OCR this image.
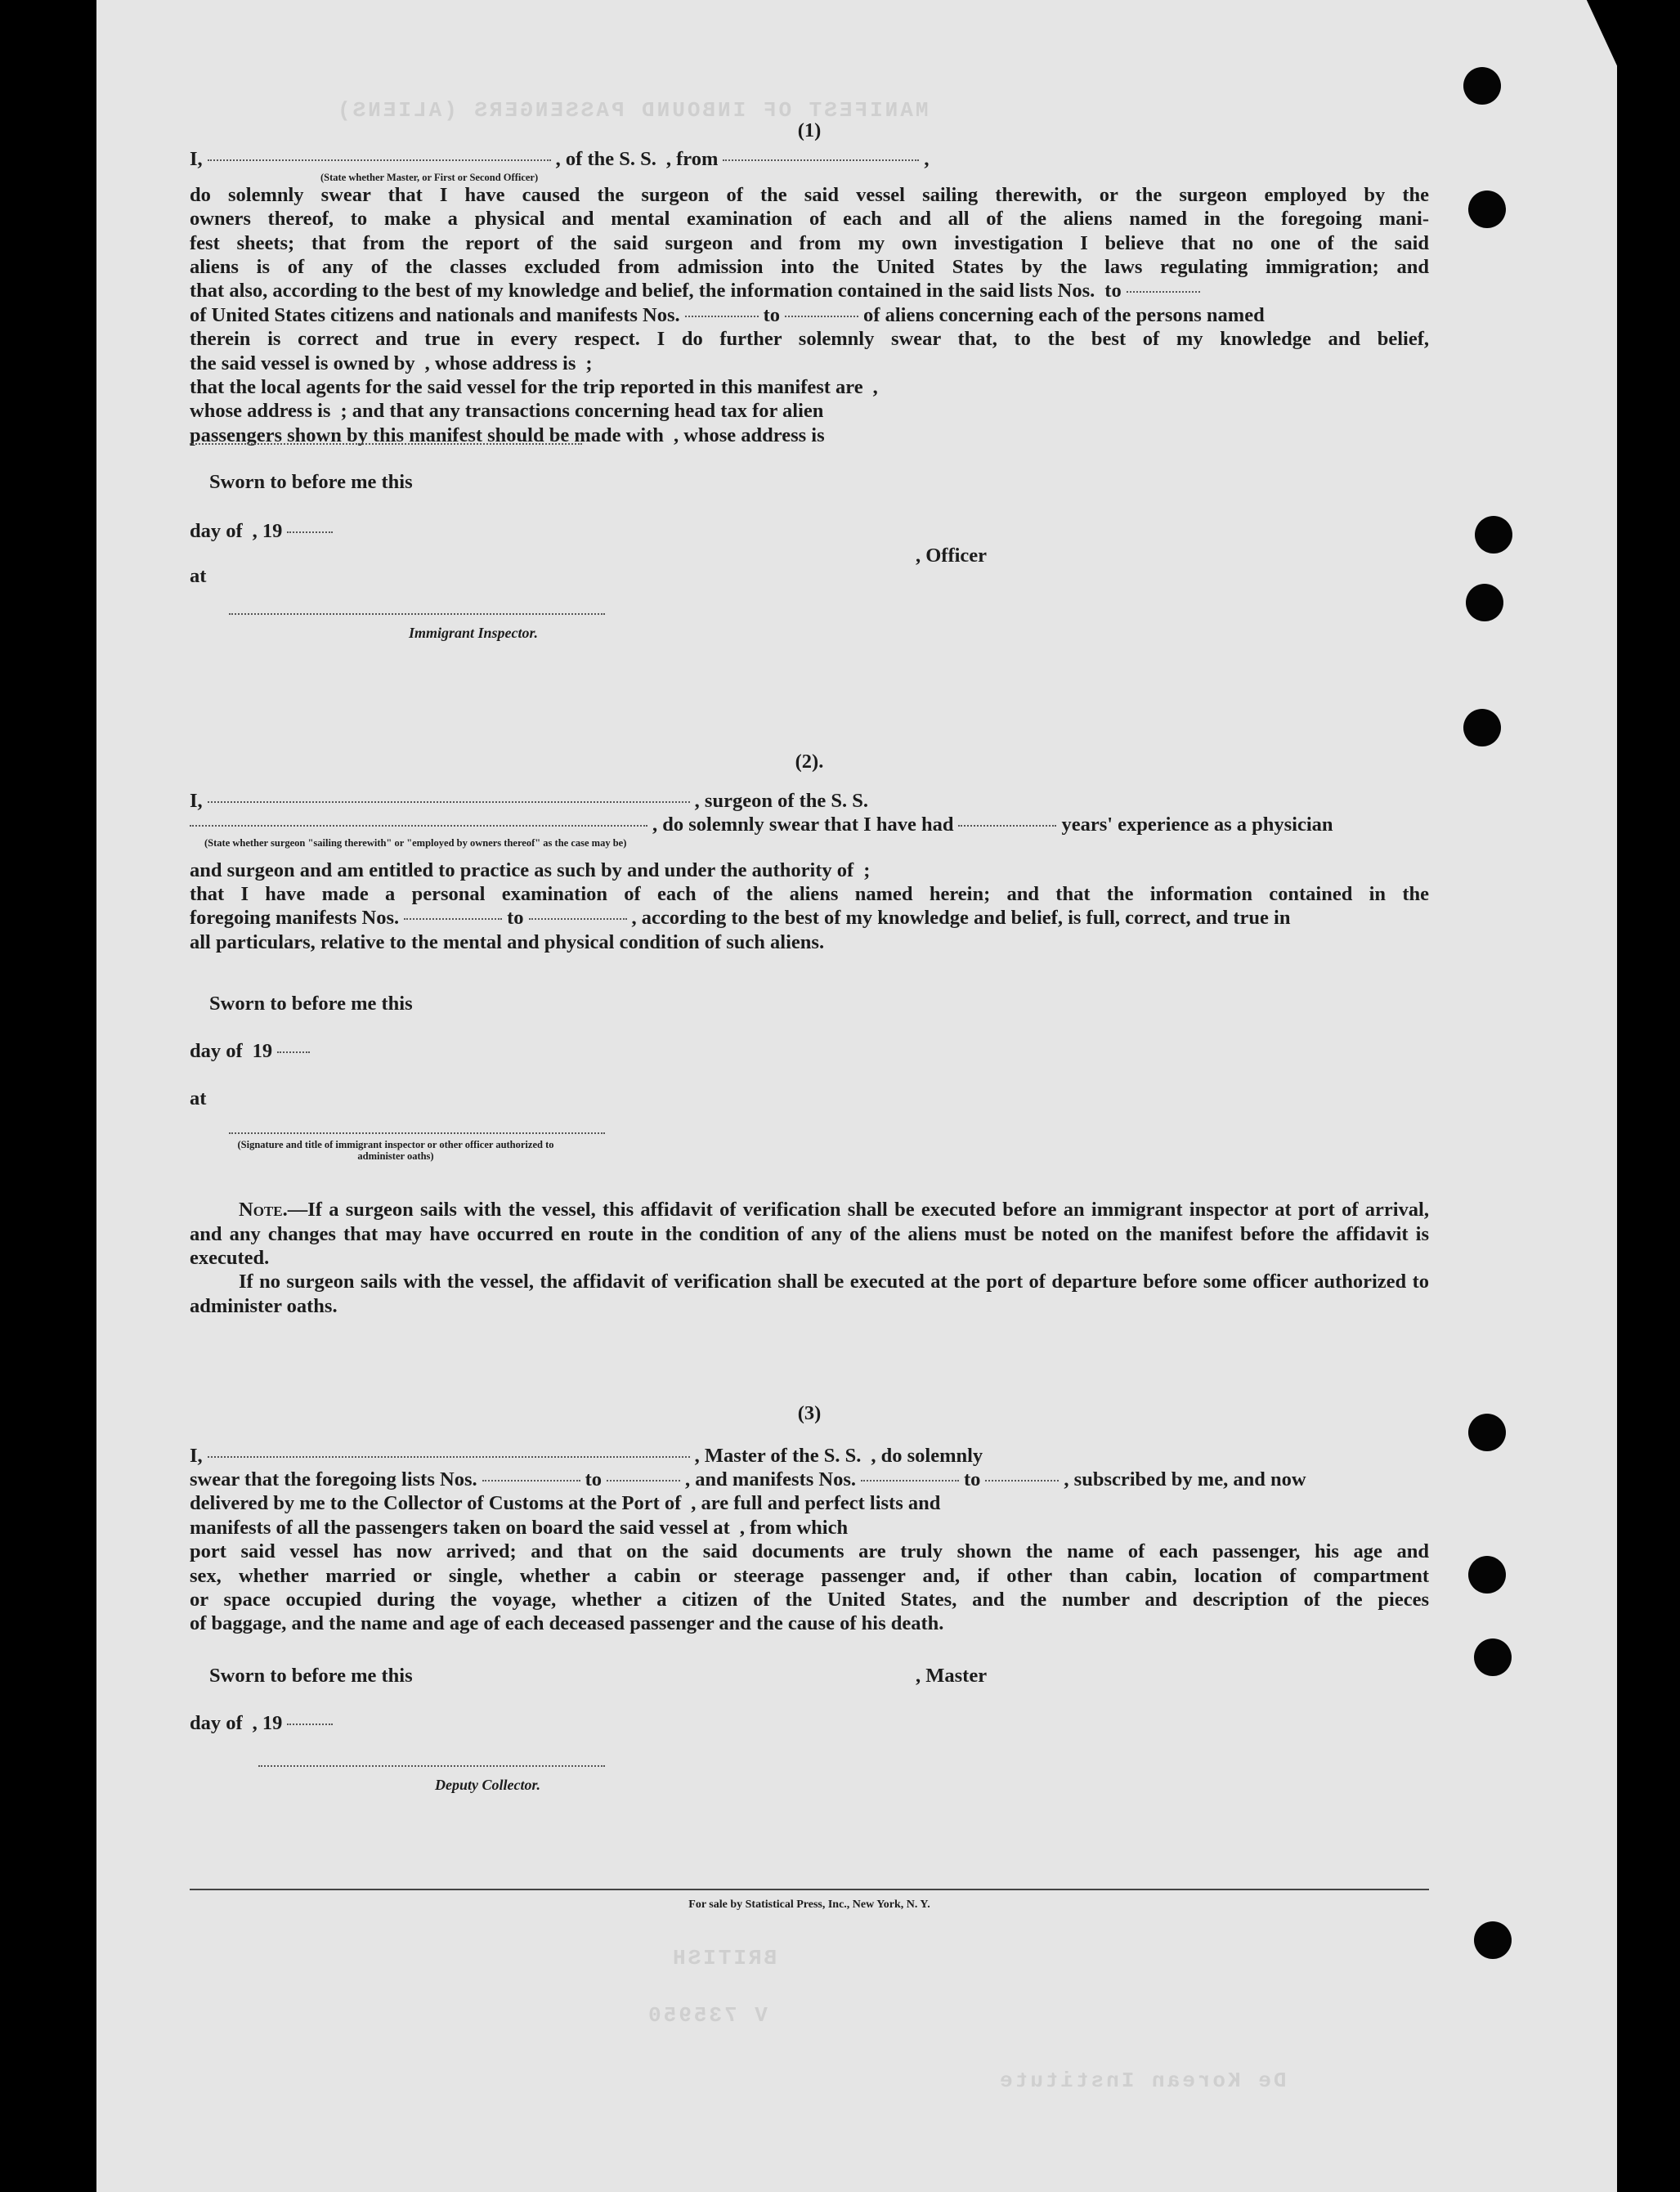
MANIFEST OF INBOUND PASSENGERS (ALIENS)
BRITISH
V 735950
De Korean Institute
(1)
I,	, of the S. S. , from	,
(State whether Master, or First or Second Officer)

do solemnly swear that I have caused the surgeon of the said vessel sailing therewith, or the surgeon employed by the

owners thereof, to make a physical and mental examination of each and all of the aliens named in the foregoing mani-

fest sheets; that from the report of the said surgeon and from my own investigation I believe that no one of the said

aliens is of any of the classes excluded from admission into the United States by the laws regulating immigration; and

that also, according to the best of my knowledge and belief, the information contained in the said lists Nos. to
of United States citizens and nationals and manifests Nos.	to	of aliens concerning each of the persons named

therein is correct and true in every respect. I do further solemnly swear that, to the best of my knowledge and belief,

the said vessel is owned by , whose address is ;
that the local agents for the said vessel for the trip reported in this manifest are ,
whose address is ; and that any transactions concerning head tax for alien
passengers shown by this manifest should be made with , whose address is
Sworn to before me this
day of , 19
at
Immigrant Inspector.
, Officer
(2).
I,	, surgeon of the S. S.
, do solemnly swear that I have had	years' experience as a physician
(State whether surgeon "sailing therewith" or "employed by owners thereof" as the case may be)
and surgeon and am entitled to practice as such by and under the authority of ;

that I have made a personal examination of each of the aliens named herein; and that the information contained in the

foregoing manifests Nos.	to	, according to the best of my knowledge and belief, is full, correct, and true in
all particulars, relative to the mental and physical condition of such aliens.
Sworn to before me this
day of 19
at
(Signature and title of immigrant inspector or other officer authorized to administer oaths)

Note.—If a surgeon sails with the vessel, this affidavit of verification shall be executed before an immigrant inspector at port of arrival, and any changes that may have occurred en route in the condition of any of the aliens must be noted on the manifest before the affidavit is executed.

If no surgeon sails with the vessel, the affidavit of verification shall be executed at the port of departure before some officer authorized to administer oaths.

(3)
I,	, Master of the S. S. , do solemnly
swear that the foregoing lists Nos.	to	, and manifests Nos.	to	, subscribed by me, and now
delivered by me to the Collector of Customs at the Port of , are full and perfect lists and
manifests of all the passengers taken on board the said vessel at , from which

port said vessel has now arrived; and that on the said documents are truly shown the name of each passenger, his age and

sex, whether married or single, whether a cabin or steerage passenger and, if other than cabin, location of compartment

or space occupied during the voyage, whether a citizen of the United States, and the number and description of the pieces

of baggage, and the name and age of each deceased passenger and the cause of his death.
Sworn to before me this	, Master
day of , 19
Deputy Collector.
For sale by Statistical Press, Inc., New York, N. Y.
